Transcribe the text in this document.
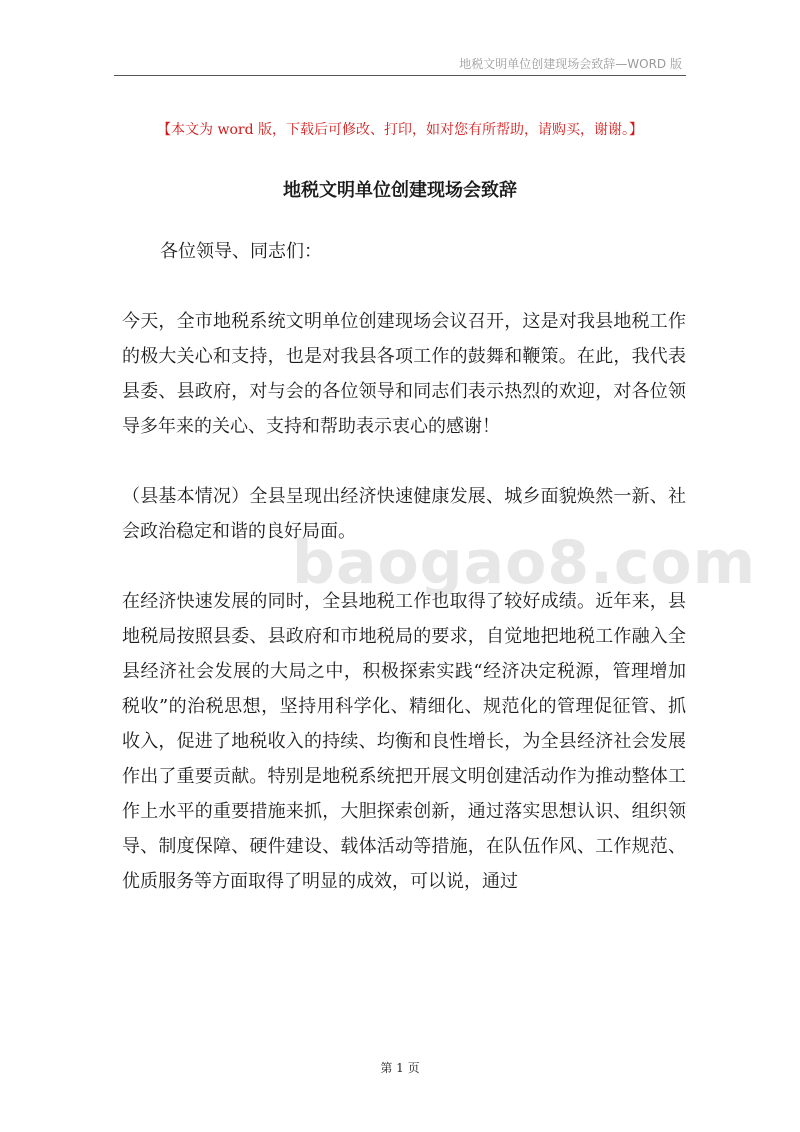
地税文明单位创建现场会致辞—WORD 版
【本文为 word 版，下载后可修改、打印，如对您有所帮助，请购买，谢谢。】
地税文明单位创建现场会致辞
baogao8.com

各位领导、同志们：

今天，全市地税系统文明单位创建现场会议召开，这是对我县地税工作的极大关心和支持，也是对我县各项工作的鼓舞和鞭策。在此，我代表县委、县政府，对与会的各位领导和同志们表示热烈的欢迎，对各位领导多年来的关心、支持和帮助表示衷心的感谢！

（县基本情况）全县呈现出经济快速健康发展、城乡面貌焕然一新、社会政治稳定和谐的良好局面。

在经济快速发展的同时，全县地税工作也取得了较好成绩。近年来，县地税局按照县委、县政府和市地税局的要求，自觉地把地税工作融入全县经济社会发展的大局之中，积极探索实践“经济决定税源，管理增加税收”的治税思想，坚持用科学化、精细化、规范化的管理促征管、抓收入，促进了地税收入的持续、均衡和良性增长，为全县经济社会发展作出了重要贡献。特别是地税系统把开展文明创建活动作为推动整体工作上水平的重要措施来抓，大胆探索创新，通过落实思想认识、组织领导、制度保障、硬件建设、载体活动等措施，在队伍作风、工作规范、优质服务等方面取得了明显的成效，可以说，通过

第 1 页
